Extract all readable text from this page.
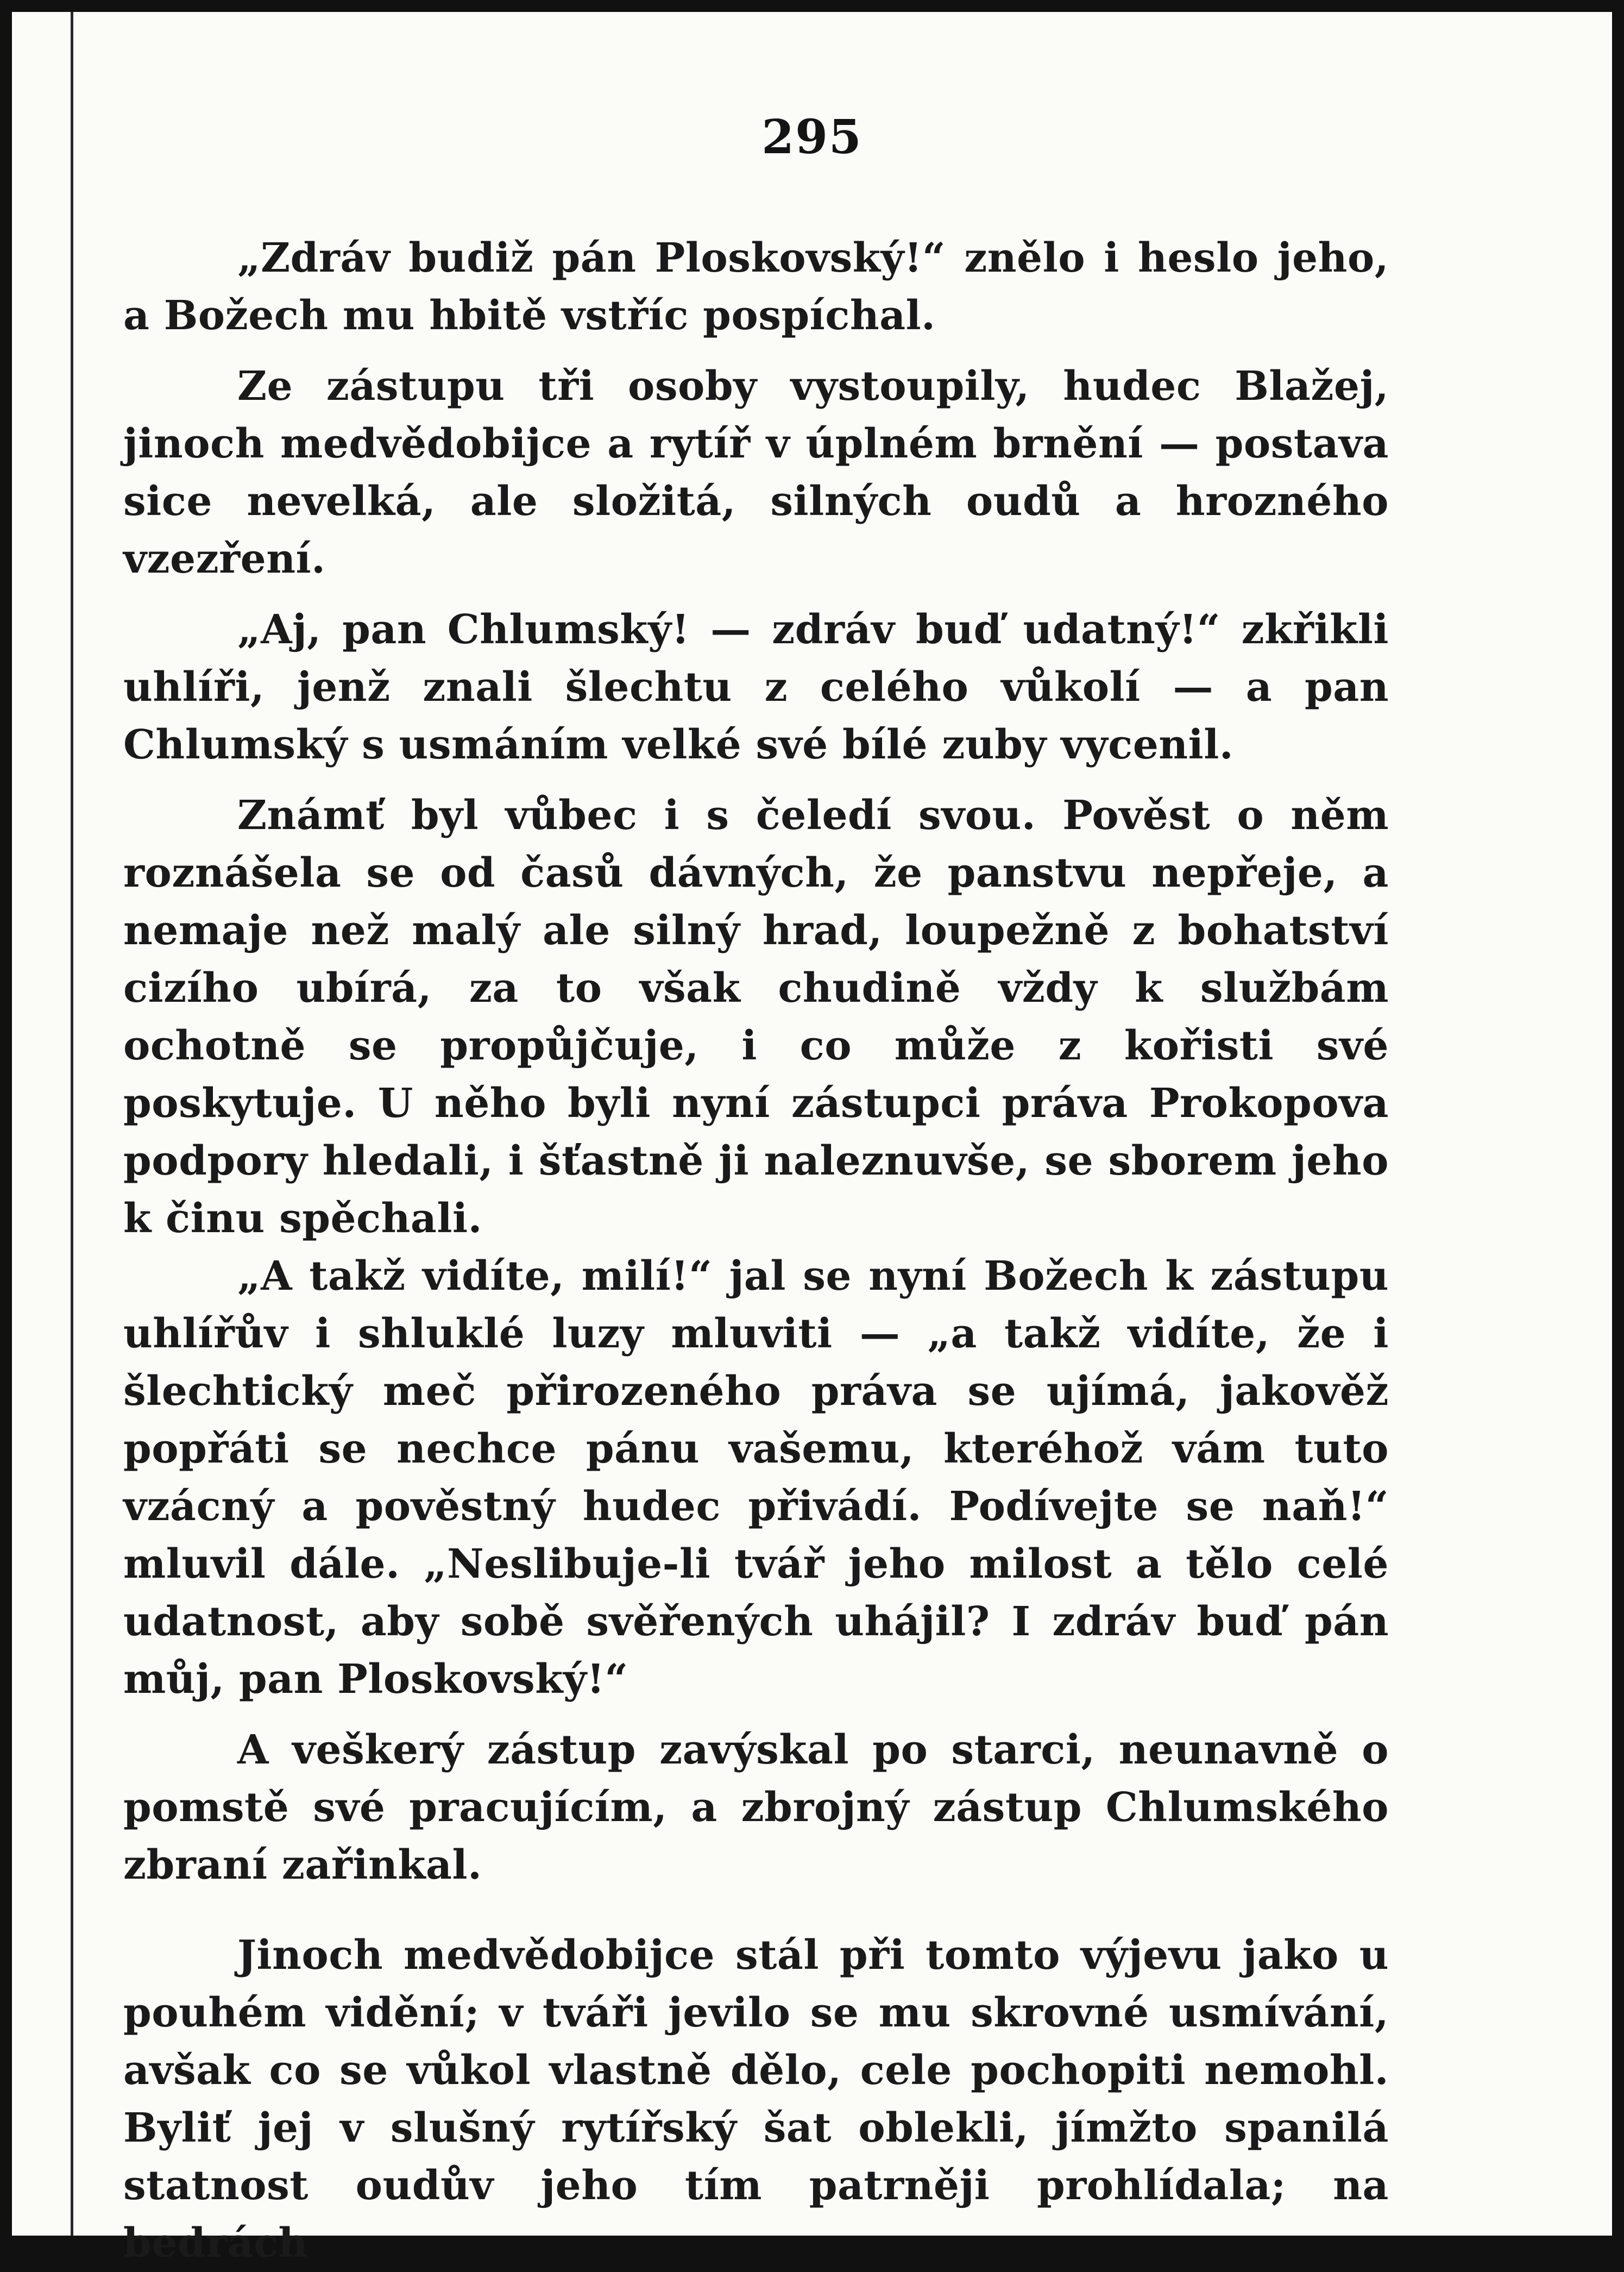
295

„Zdráv budiž pán Ploskovský!“ znělo i heslo jeho, a Božech mu hbitě vstříc pospíchal.

Ze zástupu tři osoby vystoupily, hudec Blažej, jinoch medvědobijce a rytíř v úplném brnění — postava sice nevelká, ale složitá, silných oudů a hrozného vzezření.

„Aj, pan Chlumský! — zdráv buď udatný!“ zkřikli uhlíři, jenž znali šlechtu z celého vůkolí — a pan Chlumský s usmáním velké své bílé zuby vycenil.

Známť byl vůbec i s čeledí svou. Pověst o něm roznášela se od časů dávných, že panstvu nepřeje, a nemaje než malý ale silný hrad, loupežně z bohatství cizího ubírá, za to však chudině vždy k službám ochotně se propůjčuje, i co může z kořisti své poskytuje. U něho byli nyní zástupci práva Prokopova podpory hledali, i šťastně ji naleznuvše, se sborem jeho k činu spěchali.

„A takž vidíte, milí!“ jal se nyní Božech k zástupu uhlířův i shluklé luzy mluviti — „a takž vidíte, že i šlechtický meč přirozeného práva se ujímá, jakověž popřáti se nechce pánu vašemu, kteréhož vám tuto vzácný a pověstný hudec přivádí. Podívejte se naň!“ mluvil dále. „Neslibuje-li tvář jeho milost a tělo celé udatnost, aby sobě svěřených uhájil? I zdráv buď pán můj, pan Ploskovský!“

A veškerý zástup zavýskal po starci, neunavně o pomstě své pracujícím, a zbrojný zástup Chlumského zbraní zařinkal.

Jinoch medvědobijce stál při tomto výjevu jako u pouhém vidění; v tváři jevilo se mu skrovné usmívání, avšak co se vůkol vlastně dělo, cele pochopiti nemohl. Byliť jej v slušný rytířský šat oblekli, jímžto spanilá statnost oudův jeho tím patrněji prohlídala; na bedrách
